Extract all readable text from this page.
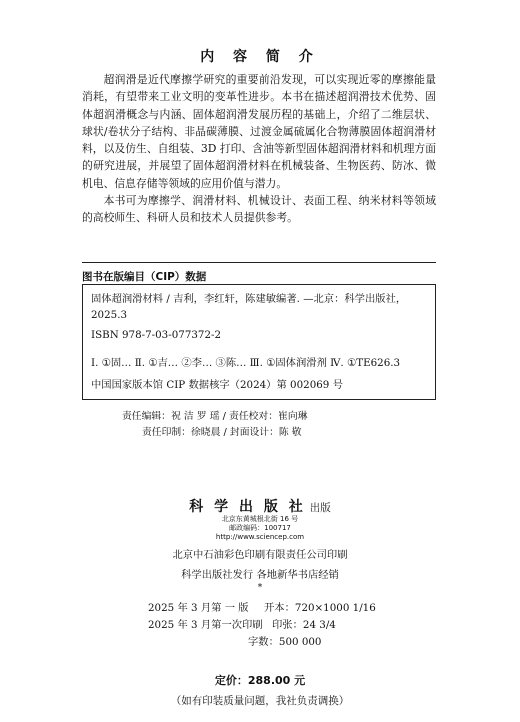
内 容 简 介

超润滑是近代摩擦学研究的重要前沿发现，可以实现近零的摩擦能量消耗，有望带来工业文明的变革性进步。本书在描述超润滑技术优势、固体超润滑概念与内涵、固体超润滑发展历程的基础上，介绍了二维层状、球状/卷状分子结构、非晶碳薄膜、过渡金属硫属化合物薄膜固体超润滑材料，以及仿生、自组装、3D 打印、含油等新型固体超润滑材料和机理方面的研究进展，并展望了固体超润滑材料在机械装备、生物医药、防冰、微机电、信息存储等领域的应用价值与潜力。

本书可为摩擦学、润滑材料、机械设计、表面工程、纳米材料等领域的高校师生、科研人员和技术人员提供参考。

图书在版编目（CIP）数据
固体超润滑材料 / 吉利，李红轩，陈建敏编著. —北京：科学出版社，
2025.3
ISBN 978-7-03-077372-2
Ⅰ. ①固… Ⅱ. ①吉… ②李… ③陈… Ⅲ. ①固体润滑剂 Ⅳ. ①TE626.3
中国国家版本馆 CIP 数据核字（2024）第 002069 号
责任编辑：祝 洁 罗 瑶 / 责任校对：崔向琳
责任印制：徐晓晨 / 封面设计：陈 敬
科 学 出 版 社 出版
北京东黄城根北街 16 号
邮政编码：100717
http://www.sciencep.com
北京中石油彩色印刷有限责任公司印刷
科学出版社发行 各地新华书店经销
*
2025 年 3 月第 一 版 开本：720×1000 1/16
2025 年 3 月第一次印刷 印张：24 3/4
字数：500 000
定价：288.00 元
（如有印装质量问题，我社负责调换）
